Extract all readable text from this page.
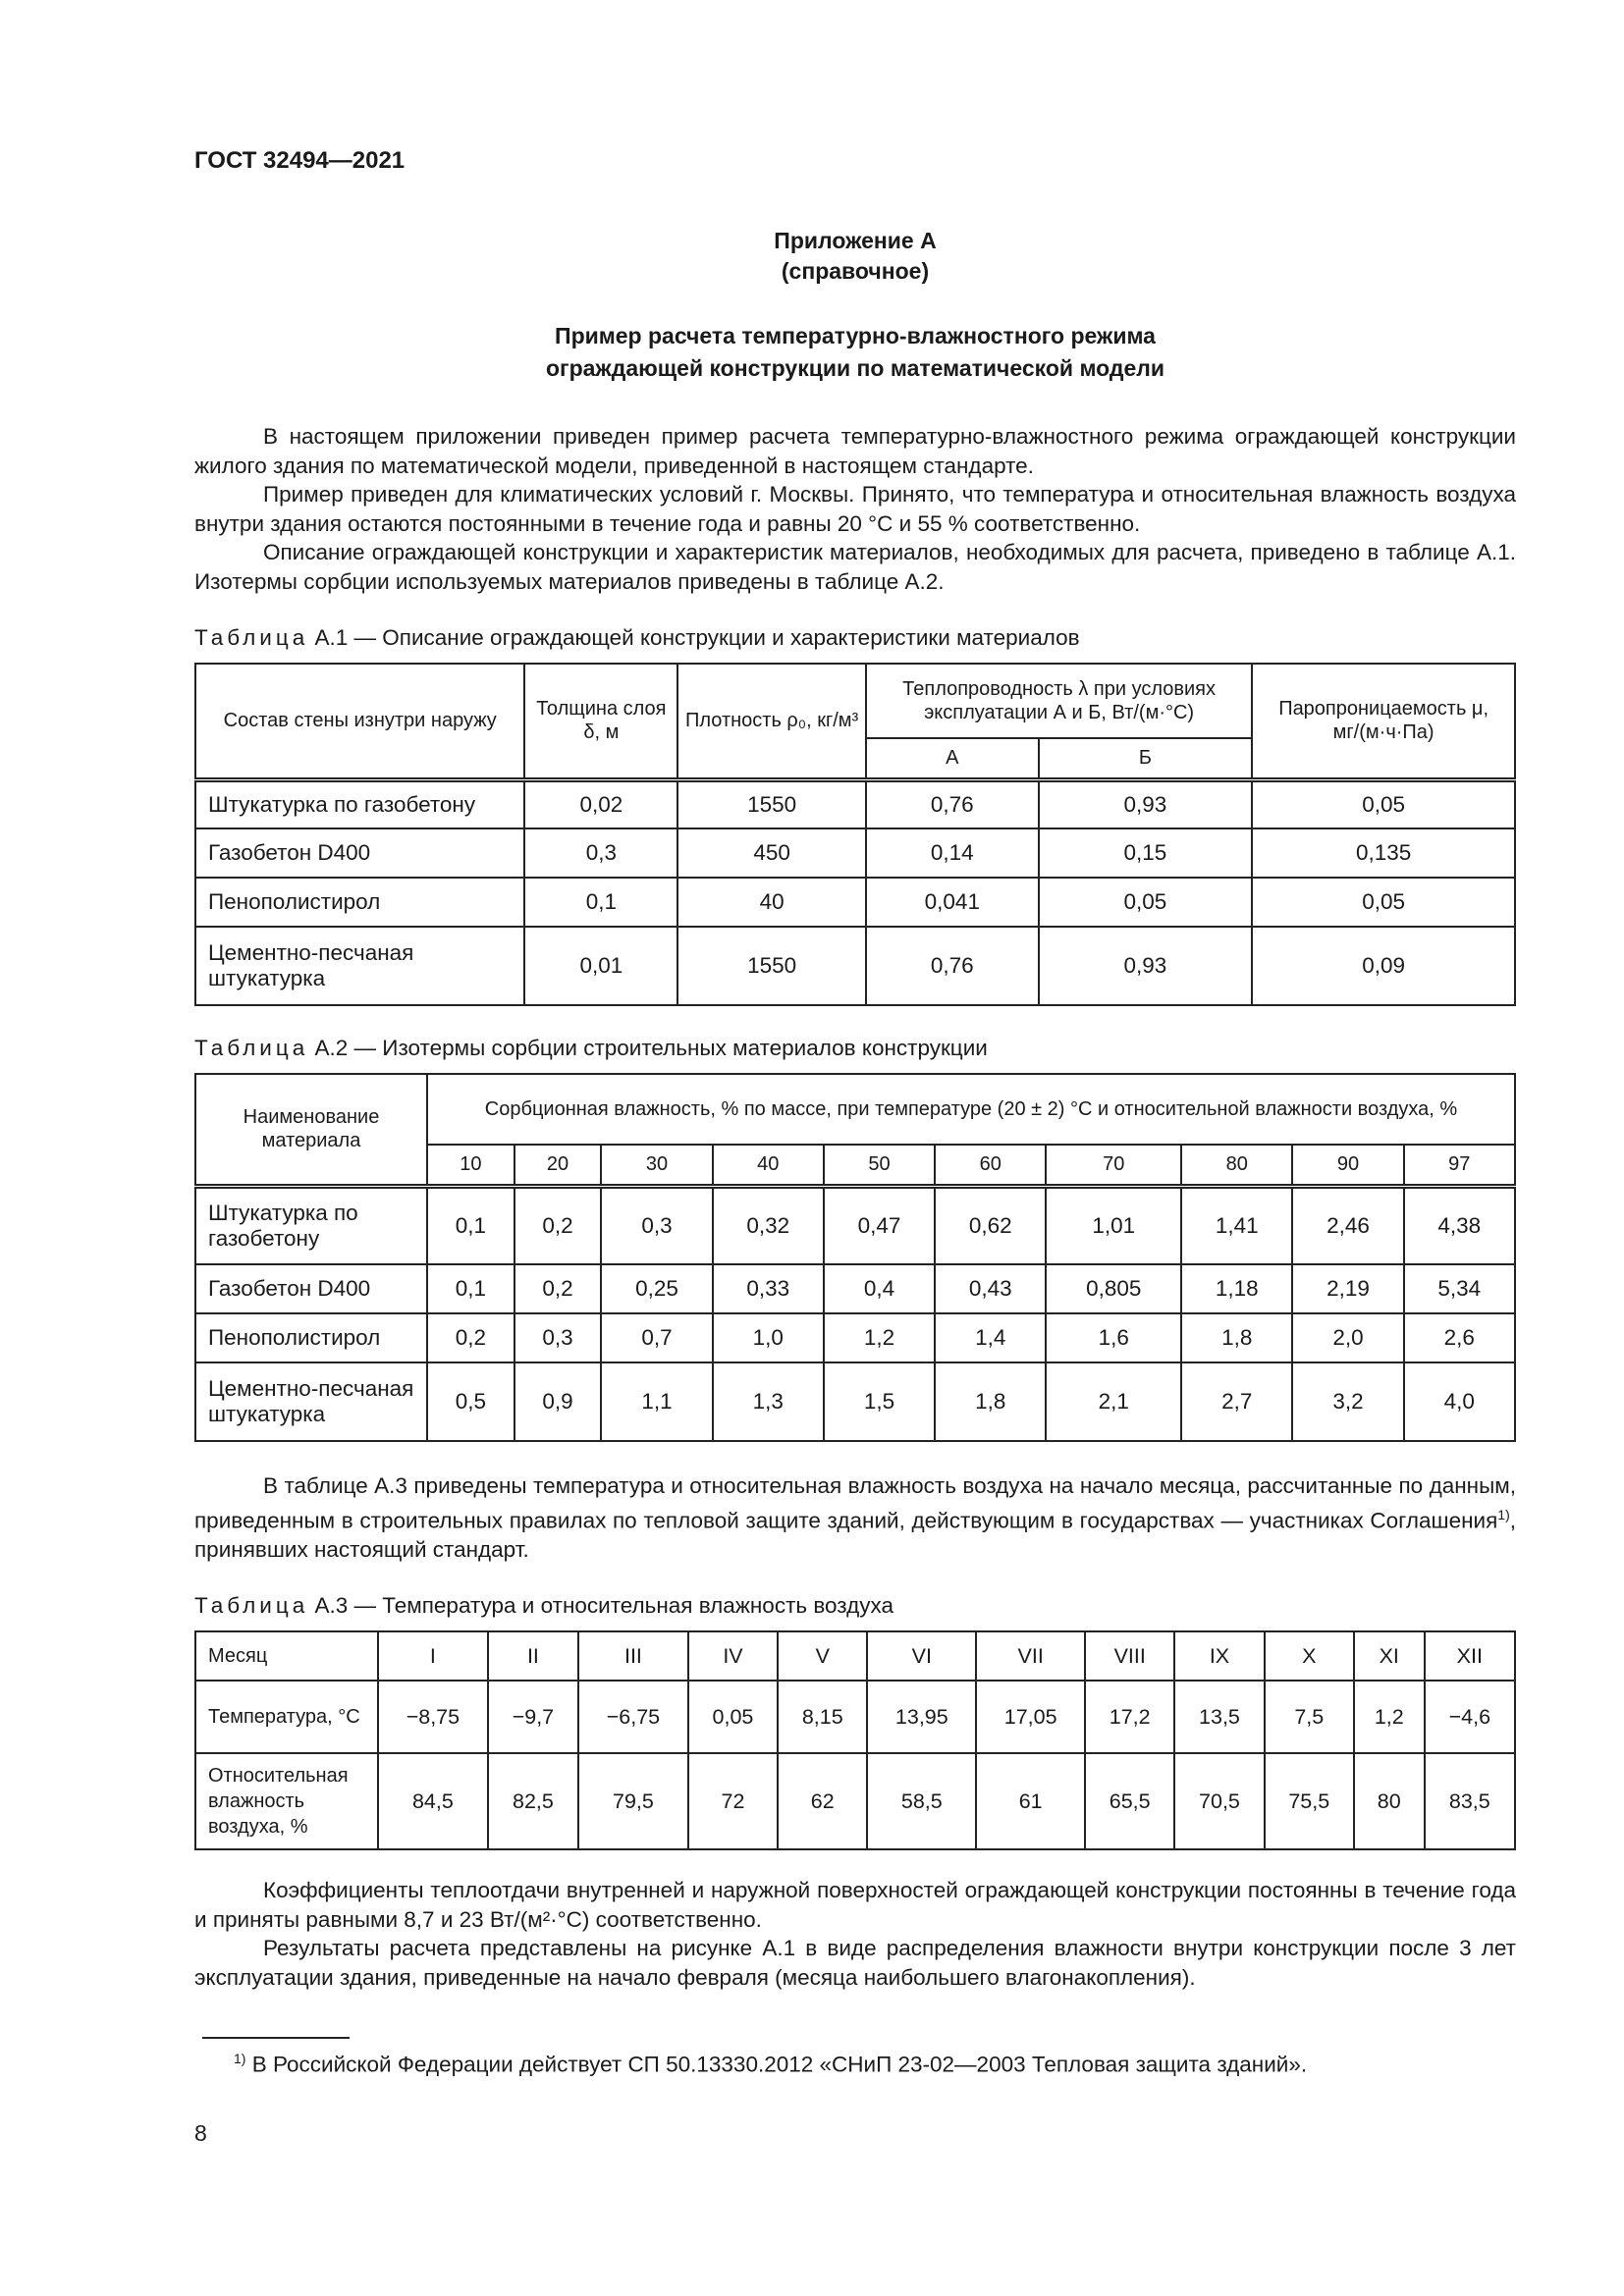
ГОСТ 32494—2021
Приложение А
(справочное)
Пример расчета температурно-влажностного режима
ограждающей конструкции по математической модели

В настоящем приложении приведен пример расчета температурно-влажностного режима ограждающей конструкции жилого здания по математической модели, приведенной в настоящем стандарте.

Пример приведен для климатических условий г. Москвы. Принято, что температура и относительная влажность воздуха внутри здания остаются постоянными в течение года и равны 20 °С и 55 % соответственно.

Описание ограждающей конструкции и характеристик материалов, необходимых для расчета, приведено в таблице А.1. Изотермы сорбции используемых материалов приведены в таблице А.2.

Таблица А.1 — Описание ограждающей конструкции и характеристики материалов
Состав стены изнутри наружу	Толщина слоя δ, м	Плотность ρ₀, кг/м³	Теплопроводность λ при условиях эксплуатации А и Б, Вт/(м·°С)		Паропроницаемость μ, мг/(м·ч·Па)
			А	Б	
Штукатурка по газобетону	0,02	1550	0,76	0,93	0,05
Газобетон D400	0,3	450	0,14	0,15	0,135
Пенополистирол	0,1	40	0,041	0,05	0,05
Цементно-песчаная штукатурка	0,01	1550	0,76	0,93	0,09
Таблица А.2 — Изотермы сорбции строительных материалов конструкции
Наименование материала	Сорбционная влажность, % по массе, при температуре (20 ± 2) °С и относительной влажности воздуха, %									
	10	20	30	40	50	60	70	80	90	97
Штукатурка по газобетону	0,1	0,2	0,3	0,32	0,47	0,62	1,01	1,41	2,46	4,38
Газобетон D400	0,1	0,2	0,25	0,33	0,4	0,43	0,805	1,18	2,19	5,34
Пенополистирол	0,2	0,3	0,7	1,0	1,2	1,4	1,6	1,8	2,0	2,6
Цементно-песчаная штукатурка	0,5	0,9	1,1	1,3	1,5	1,8	2,1	2,7	3,2	4,0

В таблице А.3 приведены температура и относительная влажность воздуха на начало месяца, рассчитанные по данным, приведенным в строительных правилах по тепловой защите зданий, действующим в государствах — участниках Соглашения$^{1)}$, принявших настоящий стандарт.

Таблица А.3 — Температура и относительная влажность воздуха
Месяц	I	II	III	IV	V	VI	VII	VIII	IX	X	XI	XII
Температура, °С	−8,75	−9,7	−6,75	0,05	8,15	13,95	17,05	17,2	13,5	7,5	1,2	−4,6
Относительная влажность воздуха, %	84,5	82,5	79,5	72	62	58,5	61	65,5	70,5	75,5	80	83,5

Коэффициенты теплоотдачи внутренней и наружной поверхностей ограждающей конструкции постоянны в течение года и приняты равными 8,7 и 23 Вт/(м²·°С) соответственно.

Результаты расчета представлены на рисунке А.1 в виде распределения влажности внутри конструкции после 3 лет эксплуатации здания, приведенные на начало февраля (месяца наибольшего влагонакопления).

$^{1)}$ В Российской Федерации действует СП 50.13330.2012 «СНиП 23-02—2003 Тепловая защита зданий».
8
